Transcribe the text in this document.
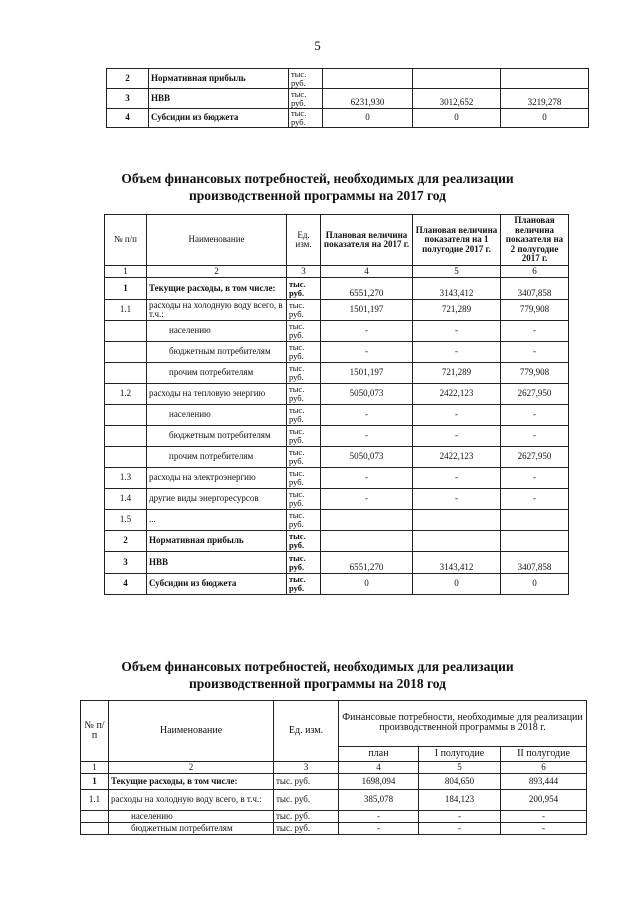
5
2	Нормативная прибыль	тыс. руб.			
3	НВВ	тыс. руб.	6231,930	3012,652	3219,278
4	Субсидии из бюджета	тыс. руб.	0	0	0
Объем финансовых потребностей, необходимых для реализации
производственной программы на 2017 год
№ п/п	Наименование	Ед. изм.	Плановая величина показателя на 2017 г.	Плановая величина показателя на 1 полугодие 2017 г.	Плановая величина показателя на 2 полугодие 2017 г.
1	2	3	4	5	6
1	Текущие расходы, в том числе:	тыс. руб.	6551,270	3143,412	3407,858
1.1	расходы на холодную воду всего, в т.ч.:	тыс. руб.	1501,197	721,289	779,908
	населению	тыс. руб.	-	-	-
	бюджетным потребителям	тыс. руб.	-	-	-
	прочим потребителям	тыс. руб.	1501,197	721,289	779,908
1.2	расходы на тепловую энергию	тыс. руб.	5050,073	2422,123	2627,950
	населению	тыс. руб.	-	-	-
	бюджетным потребителям	тыс. руб.	-	-	-
	прочим потребителям	тыс. руб.	5050,073	2422,123	2627,950
1.3	расходы на электроэнергию	тыс. руб.	-	-	-
1.4	другие виды энергоресурсов	тыс. руб.	-	-	-
1.5	...	тыс. руб.			
2	Нормативная прибыль	тыс. руб.			
3	НВВ	тыс. руб.	6551,270	3143,412	3407,858
4	Субсидии из бюджета	тыс. руб.	0	0	0
Объем финансовых потребностей, необходимых для реализации
производственной программы на 2018 год
№ п/п	Наименование	Ед. изм.	Финансовые потребности, необходимые для реализации производственной программы в 2018 г.		
			план	I полугодие	II полугодие
1	2	3	4	5	6
1	Текущие расходы, в том числе:	тыс. руб.	1698,094	804,650	893,444
1.1	расходы на холодную воду всего, в т.ч.:	тыс. руб.	385,078	184,123	200,954
	населению	тыс. руб.	-	-	-
	бюджетным потребителям	тыс. руб.	-	-	-
